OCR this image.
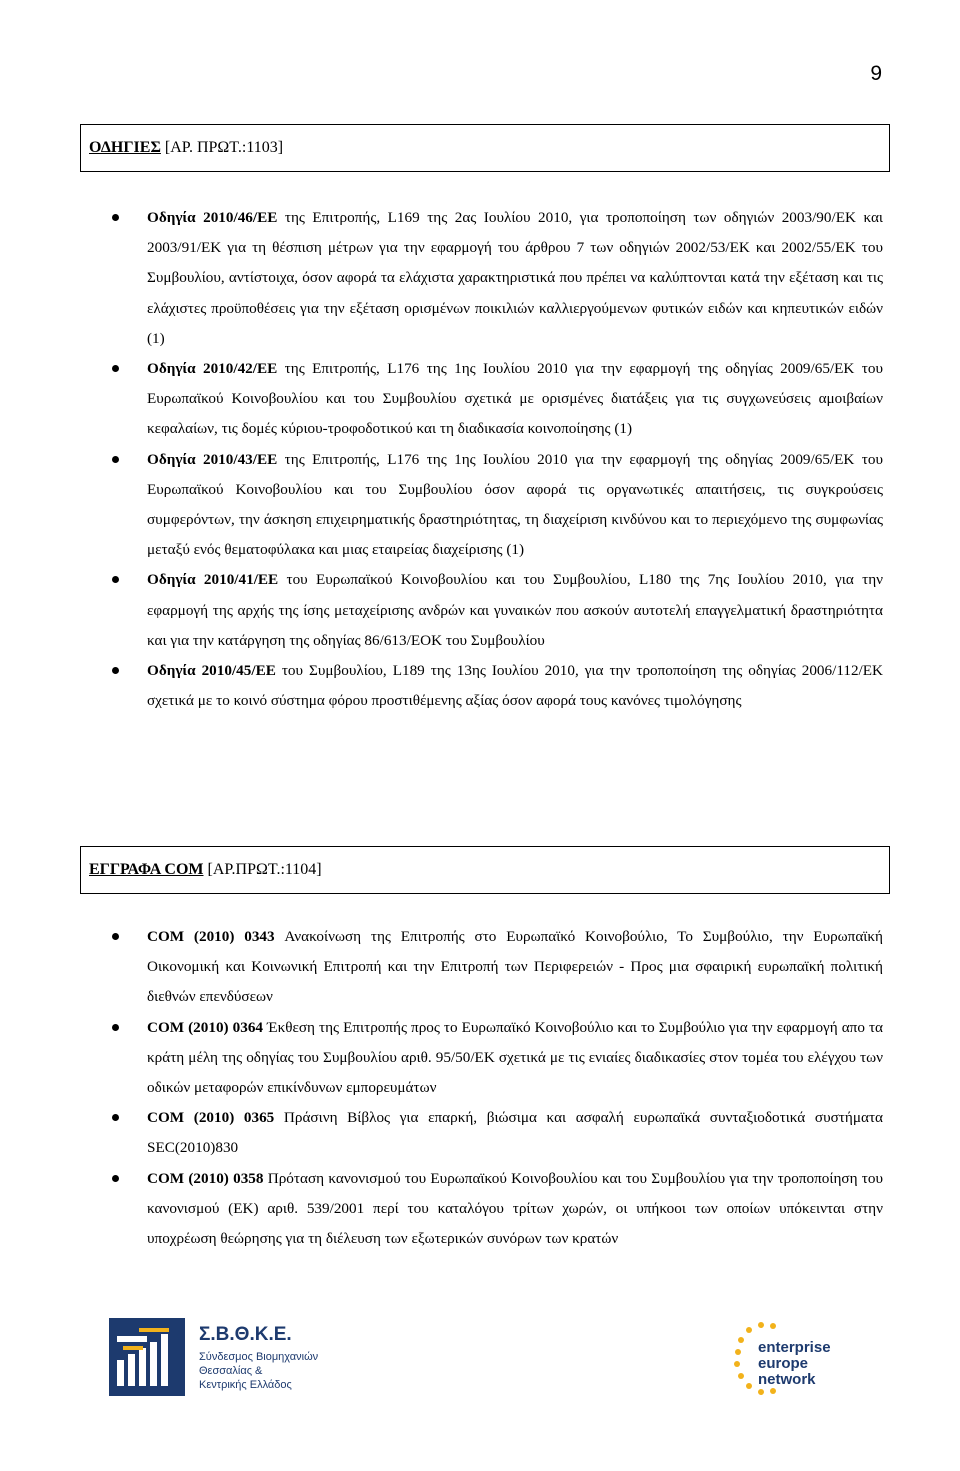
9
ΟΔΗΓΙΕΣ [ΑΡ. ΠΡΩΤ.:1103]
Οδηγία 2010/46/ΕΕ της Επιτροπής, L169 της 2ας Ιουλίου 2010, για τροποποίηση των οδηγιών 2003/90/ΕΚ και 2003/91/ΕΚ για τη θέσπιση μέτρων για την εφαρμογή του άρθρου 7 των οδηγιών 2002/53/ΕΚ και 2002/55/ΕΚ του Συμβουλίου, αντίστοιχα, όσον αφορά τα ελάχιστα χαρακτηριστικά που πρέπει να καλύπτονται κατά την εξέταση και τις ελάχιστες προϋποθέσεις για την εξέταση ορισμένων ποικιλιών καλλιεργούμενων φυτικών ειδών και κηπευτικών ειδών (1)
Οδηγία 2010/42/ΕΕ της Επιτροπής, L176 της 1ης Ιουλίου 2010 για την εφαρμογή της οδηγίας 2009/65/ΕΚ του Ευρωπαϊκού Κοινοβουλίου και του Συμβουλίου σχετικά με ορισμένες διατάξεις για τις συγχωνεύσεις αμοιβαίων κεφαλαίων, τις δομές κύριου-τροφοδοτικού και τη διαδικασία κοινοποίησης (1)
Οδηγία 2010/43/ΕΕ της Επιτροπής, L176 της 1ης Ιουλίου 2010 για την εφαρμογή της οδηγίας 2009/65/ΕΚ του Ευρωπαϊκού Κοινοβουλίου και του Συμβουλίου όσον αφορά τις οργανωτικές απαιτήσεις, τις συγκρούσεις συμφερόντων, την άσκηση επιχειρηματικής δραστηριότητας, τη διαχείριση κινδύνου και το περιεχόμενο της συμφωνίας μεταξύ ενός θεματοφύλακα και μιας εταιρείας διαχείρισης (1)
Οδηγία 2010/41/ΕΕ του Ευρωπαϊκού Κοινοβουλίου και του Συμβουλίου, L180 της 7ης Ιουλίου 2010, για την εφαρμογή της αρχής της ίσης μεταχείρισης ανδρών και γυναικών που ασκούν αυτοτελή επαγγελματική δραστηριότητα και για την κατάργηση της οδηγίας 86/613/ΕΟΚ του Συμβουλίου
Οδηγία 2010/45/ΕΕ του Συμβουλίου, L189 της 13ης Ιουλίου 2010, για την τροποποίηση της οδηγίας 2006/112/ΕΚ σχετικά με το κοινό σύστημα φόρου προστιθέμενης αξίας όσον αφορά τους κανόνες τιμολόγησης
ΕΓΓΡΑΦΑ COM [ΑΡ.ΠΡΩΤ.:1104]
COM (2010) 0343 Ανακοίνωση της Επιτροπής στο Ευρωπαϊκό Κοινοβούλιο, Το Συμβούλιο, την Ευρωπαϊκή Οικονομική και Κοινωνική Επιτροπή και την Επιτροπή των Περιφερειών - Προς μια σφαιρική ευρωπαϊκή πολιτική διεθνών επενδύσεων
COM (2010) 0364 Έκθεση της Επιτροπής προς το Ευρωπαϊκό Κοινοβούλιο και το Συμβούλιο για την εφαρμογή απο τα κράτη μέλη της οδηγίας του Συμβουλίου αριθ. 95/50/ΕΚ σχετικά με τις ενιαίες διαδικασίες στον τομέα του ελέγχου των οδικών μεταφορών επικίνδυνων εμπορευμάτων
COM (2010) 0365 Πράσινη Βίβλος για επαρκή, βιώσιμα και ασφαλή ευρωπαϊκά συνταξιοδοτικά συστήματα SEC(2010)830
COM (2010) 0358 Πρόταση κανονισμού του Ευρωπαϊκού Κοινοβουλίου και του Συμβουλίου για την τροποποίηση του κανονισμού (ΕΚ) αριθ. 539/2001 περί του καταλόγου τρίτων χωρών, οι υπήκοοι των οποίων υπόκεινται στην υποχρέωση θεώρησης για τη διέλευση των εξωτερικών συνόρων των κρατών
Σ.Β.Θ.Κ.Ε.
Σύνδεσμος Βιομηχανιών
Θεσσαλίας &
Κεντρικής Ελλάδος
enterprise
europe
network
